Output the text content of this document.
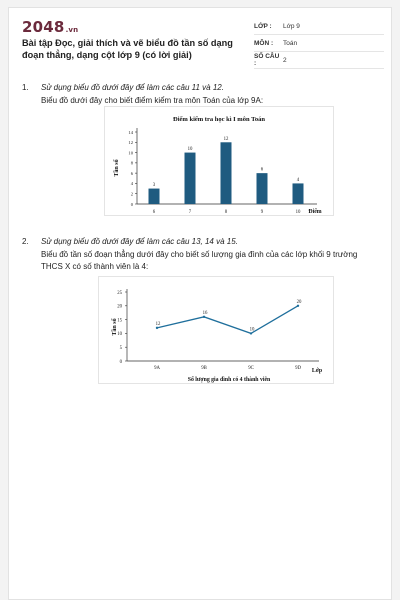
2048.vn
Bài tập Đọc, giải thích và vẽ biểu đồ tần số dạng đoạn thẳng, dạng cột lớp 9 (có lời giải)
LỚP :	Lớp 9
MÔN :	Toán
SỐ CÂU :	2
1. Sử dụng biểu đồ dưới đây để làm các câu 11 và 12.
Biểu đồ dưới đây cho biết điểm kiểm tra môn Toán của lớp 9A:
Điểm kiểm tra học kì I môn Toán
0
2
4
6
8
10
12
14
Tần số
3
6
10
7
12
8
6
9
4
10 Điểm
2. Sử dụng biểu đồ dưới đây để làm các câu 13, 14 và 15.
Biểu đồ tần số đoạn thẳng dưới đây cho biết số lượng gia đình của các lớp khối 9 trường THCS X có số thành viên là 4:
0
5
10
15
20
25
Tần số	12
9A
16
9B
10
9C
20
9D Lớp
Số lượng gia đình có 4 thành viên
